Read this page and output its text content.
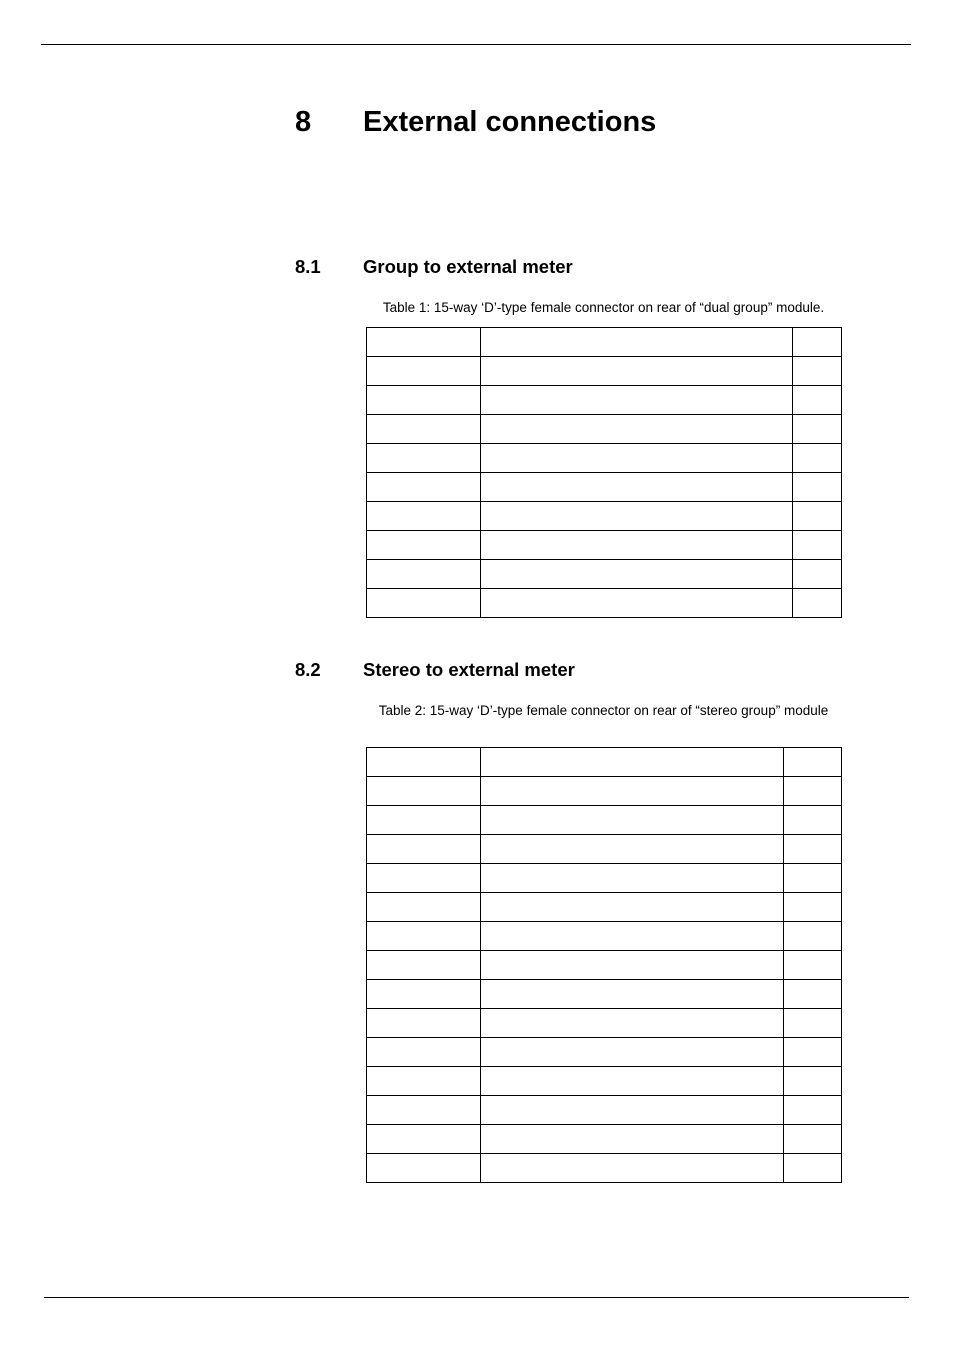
8 External connections
8.1 Group to external meter
Table 1: 15-way ‘D’-type female connector on rear of “dual group” module.

8.2 Stereo to external meter
Table 2: 15-way ‘D’-type female connector on rear of “stereo group” module
